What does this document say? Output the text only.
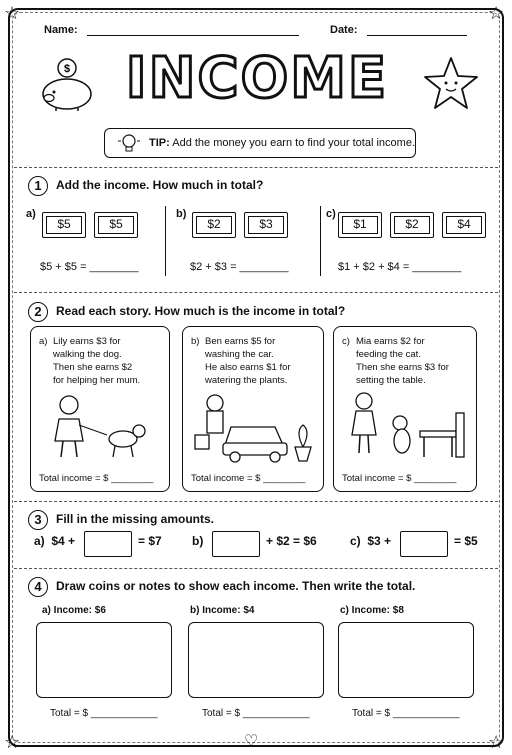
☆	☆
☆	☆
♡
Name:	Date:
$ INCOME
TIP: Add the money you earn to find your total income.
1 Add the income. How much in total?
a)
$5	$5
$5 + $5 = ________
b)
$2	$3
$2 + $3 = ________
c)
$1	$2	$4
$1 + $2 + $4 = ________
2 Read each story. How much is the income in total?
a) Lily earns $3 for
walking the dog.
Then she earns $2
for helping her mum.
Total income = $ ________
b) Ben earns $5 for
washing the car.
He also earns $1 for
watering the plants.
Total income = $ ________
c) Mia earns $2 for
feeding the cat.
Then she earns $3 for
setting the table.
Total income = $ ________
3 Fill in the missing amounts.
a) $4 +	= $7	b)	+ $2 = $6	c) $3 +	= $5
4 Draw coins or notes to show each income. Then write the total.
a) Income: $6
Total = $ ____________
b) Income: $4
Total = $ ____________
c) Income: $8
Total = $ ____________
